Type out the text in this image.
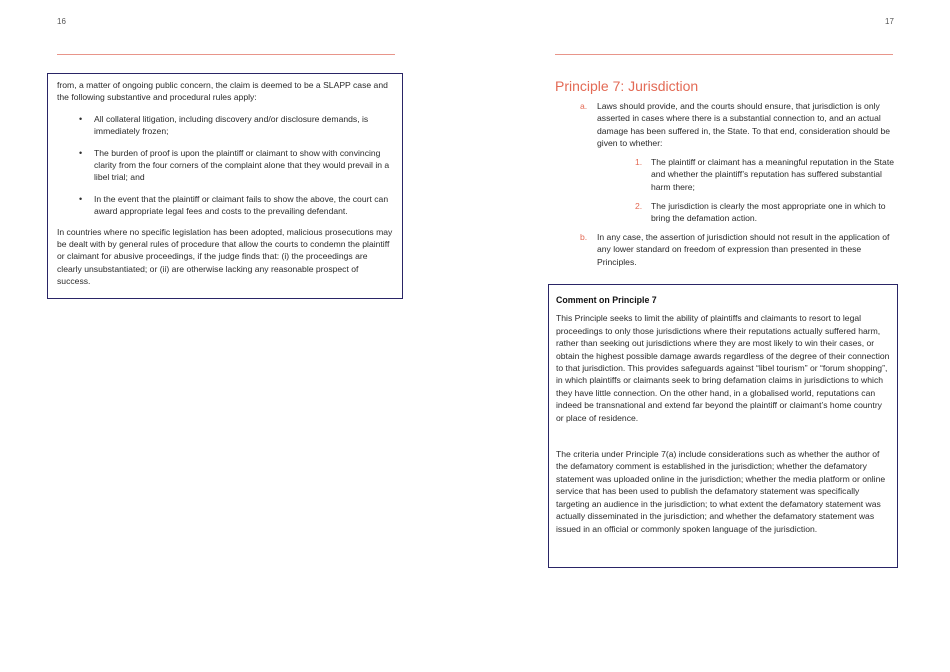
16	17

from, a matter of ongoing public concern, the claim is deemed to be a SLAPP case and the following substantive and procedural rules apply:

• All collateral litigation, including discovery and/or disclosure demands, is immediately frozen;
• The burden of proof is upon the plaintiff or claimant to show with convincing clarity from the four corners of the complaint alone that they would prevail in a libel trial; and
• In the event that the plaintiff or claimant fails to show the above, the court can award appropriate legal fees and costs to the prevailing defendant.

In countries where no specific legislation has been adopted, malicious prosecutions may be dealt with by general rules of procedure that allow the courts to condemn the plaintiff or claimant for abusive proceedings, if the judge finds that: (i) the proceedings are clearly unsubstantiated; or (ii) are otherwise lacking any reasonable prospect of success.

Principle 7: Jurisdiction
a.	Laws should provide, and the courts should ensure, that jurisdiction is only asserted in cases where there is a substantial connection to, and an actual damage has been suffered in, the State. To that end, consideration should be given to whether:
1.	The plaintiff or claimant has a meaningful reputation in the State and whether the plaintiff’s reputation has suffered substantial harm there;
2.	The jurisdiction is clearly the most appropriate one in which to bring the defamation action.
b.	In any case, the assertion of jurisdiction should not result in the application of any lower standard on freedom of expression than presented in these Principles.
Comment on Principle 7

This Principle seeks to limit the ability of plaintiffs and claimants to resort to legal proceedings to only those jurisdictions where their reputations actually suffered harm, rather than seeking out jurisdictions where they are most likely to win their cases, or obtain the highest possible damage awards regardless of the degree of their connection to that jurisdiction. This provides safeguards against “libel tourism” or “forum shopping”, in which plaintiffs or claimants seek to bring defamation claims in jurisdictions to which they have little connection. On the other hand, in a globalised world, reputations can indeed be transnational and extend far beyond the plaintiff or claimant’s home country or place of residence.

The criteria under Principle 7(a) include considerations such as whether the author of the defamatory comment is established in the jurisdiction; whether the defamatory statement was uploaded online in the jurisdiction; whether the media platform or online service that has been used to publish the defamatory statement was specifically targeting an audience in the jurisdiction; to what extent the defamatory statement was actually disseminated in the jurisdiction; and whether the defamatory statement was issued in an official or commonly spoken language of the jurisdiction.
